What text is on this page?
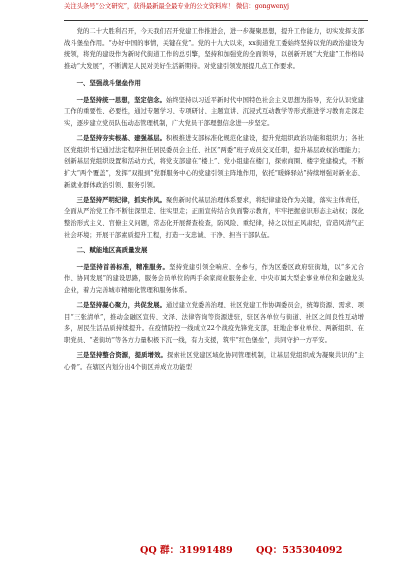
关注头条号“公文研究”，获得最新最全最专业的公文资料库！ 微信：gongwenyj

党的二十大胜利召开，今天我们召开党建工作推进会，进一步凝聚思想，提升工作能力，切实发挥支部战斗堡垒作用。“办好中国的事情，关键在党”。党的十九大以来，xx街道党工委始终坚持以党的政治建设为统领，将党的建设作为新时代街道工作的总引擎，坚持和加强党的全面领导，以创新开展“大党建”工作格局推动“大发展”，不断满足人民对美好生活新期待。对党建引领发展提几点工作要求。

一、坚强战斗堡垒作用

一是坚持统一思想，坚定信念。始终坚持以习近平新时代中国特色社会主义思想为指导，充分认识党建工作的重要性、必要性，通过专题学习、专项研讨、主题宣讲、沉浸式互动教学等形式推进学习教育走深走实，逐步建立党员队伍动态管理机制，广大党员干部理想信念进一步坚定。

二是坚持夯实根基、建强基层。积极推进支部标准化规范化建设，提升党组织政治功能和组织力；各社区党组织书记通过法定程序担任居民委员会主任、社区“两委”班子成员交叉任职，提升基层政权治理能力；创新基层党组织设置和活动方式，将党支部建在“楼上”、党小组建在楼门，探索商圈、楼宇党建模式，不断扩大“两个覆盖”，发挥“双报到”党群服务中心的党建引领主阵地作用，依托“暖蜂驿站”持续增强对新业态、新就业群体政治引领、服务引领。

三是坚持严明纪律，抓实作风。聚焦新时代基层治理体系要求，将纪律建设作为关键，落实主体责任，全面从严治党工作不断往深里走、往实里走；正面宣传结合负面警示教育，牢牢把握意识形态主动权；深化整治形式主义、官僚主义问题，常态化开展督查检查，防风险、重纪律，持之以恒正风肃纪，营造风清气正社会环境；开展干部素质提升工程，打造一支忠诚、干净、担当干部队伍。

二、赋能地区高质量发展

一是坚持首善标准，精准服务。坚持党建引领全响应、全参与，作为区委区政府驻街地，以“多元合作、协同发展”的建设思路，服务会员单位的两手余家商业服务企业、中央市属大型企事业单位和金融龙头企业，着力完善城市精细化管理和服务体系。

二是坚持凝心聚力，共促发展。通过建立党委善治理、社区党建工作协调委员会，统筹资源、需求、项目“三张清单”，推动金融区宣传、文泽、法律咨询等资源进驻，驻区各单位与街道、社区之间良性互动增多，居民生活品质持续提升。在疫情防控一线成立22个战疫先锋党支部，驻地企事业单位、两新组织、在职党员、“老街坊”等各方力量积极下沉一线，有力支援，筑牢“红色堡垒”，共同守护一方平安。

三是坚持整合资源，提质增效。探索社区党建区域化协同管理机制，让基层党组织成为凝聚共识的“主心骨”。在辖区内划分出4个街区并成立功能型

QQ 群：31991489 QQ：535304092
